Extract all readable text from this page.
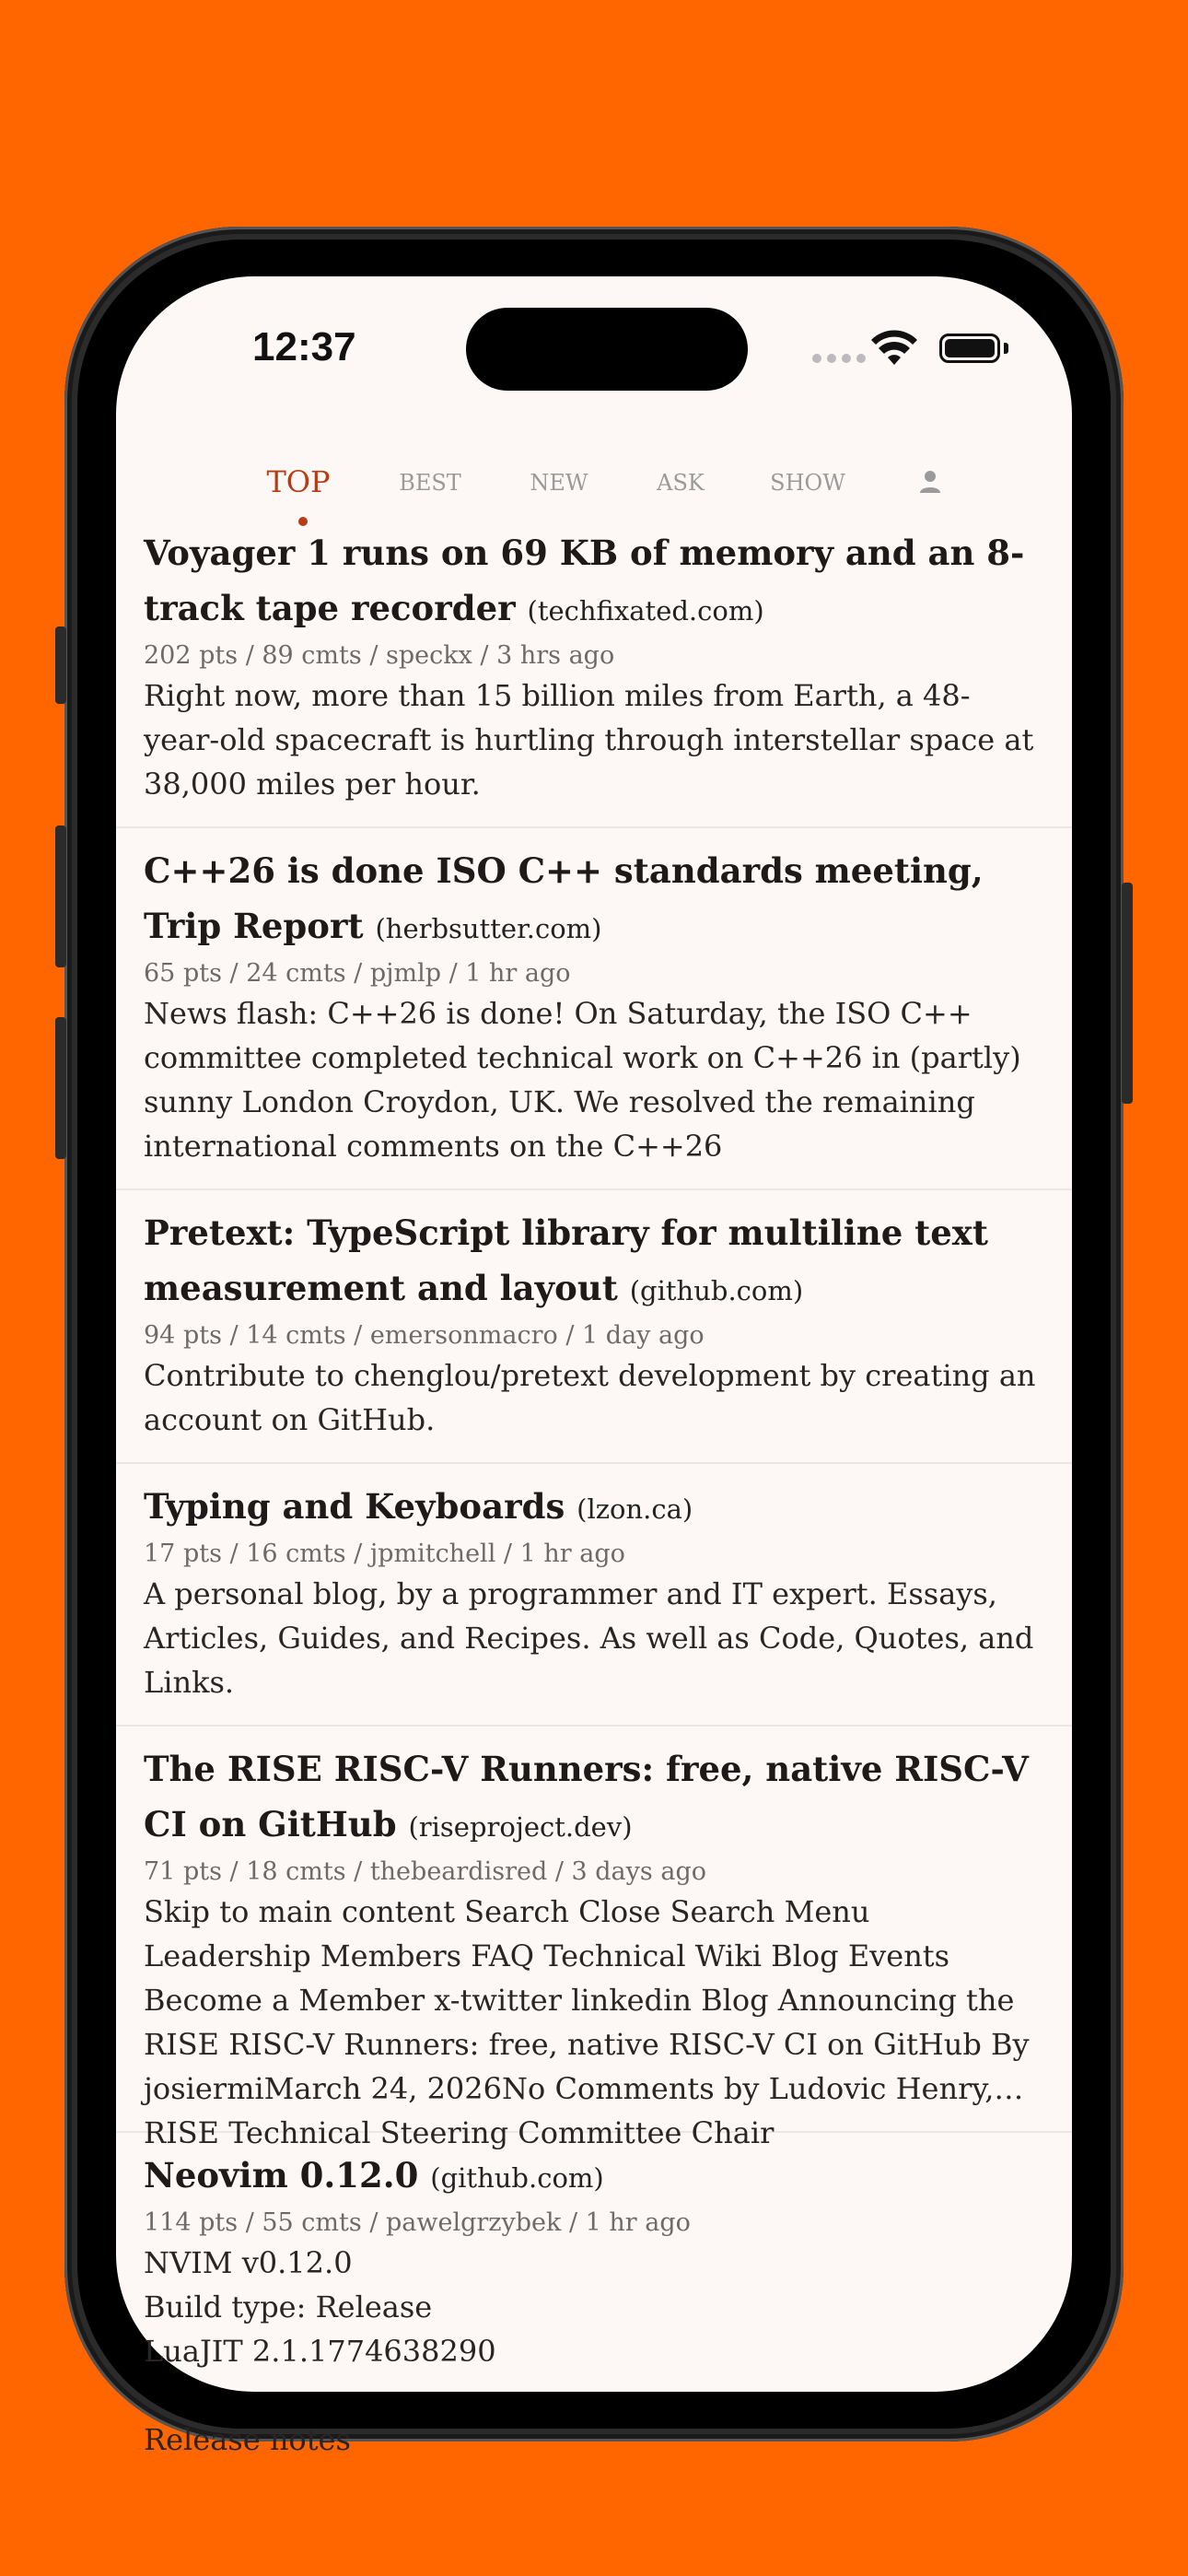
12:37
TOP	BEST	NEW	ASK	SHOW
Voyager 1 runs on 69 KB of memory and an 8-track tape recorder (techfixated.com)
202 pts / 89 cmts / speckx / 3 hrs ago
Right now, more than 15 billion miles from Earth, a 48-year-old spacecraft is hurtling through interstellar space at 38,000 miles per hour.
C++26 is done ISO C++ standards meeting, Trip Report (herbsutter.com)
65 pts / 24 cmts / pjmlp / 1 hr ago
News flash: C++26 is done! On Saturday, the ISO C++ committee completed technical work on C++26 in (partly) sunny London Croydon, UK. We resolved the remaining international comments on the C++26
Pretext: TypeScript library for multiline text measurement and layout (github.com)
94 pts / 14 cmts / emersonmacro / 1 day ago
Contribute to chenglou/pretext development by creating an account on GitHub.
Typing and Keyboards (lzon.ca)
17 pts / 16 cmts / jpmitchell / 1 hr ago
A personal blog, by a programmer and IT expert. Essays, Articles, Guides, and Recipes. As well as Code, Quotes, and Links.
The RISE RISC-V Runners: free, native RISC-V CI on GitHub (riseproject.dev)
71 pts / 18 cmts / thebeardisred / 3 days ago
Skip to main content Search Close Search Menu Leadership Members FAQ Technical Wiki Blog Events Become a Member x-twitter linkedin Blog Announcing the RISE RISC-V Runners: free, native RISC-V CI on GitHub By josiermiMarch 24, 2026No Comments by Ludovic Henry, RISE Technical Steering Committee Chair
Neovim 0.12.0 (github.com)
114 pts / 55 cmts / pawelgrzybek / 1 hr ago
NVIM v0.12.0
Build type: Release
LuaJIT 2.1.1774638290
Release notes
